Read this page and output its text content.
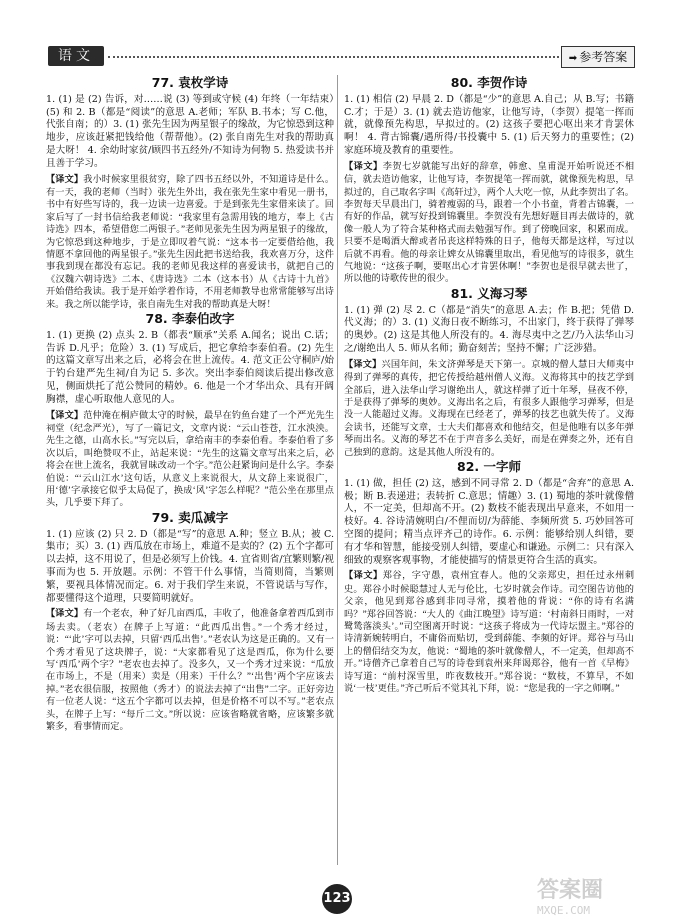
语文	➡ 参考答案
77. 袁枚学诗

1. (1) 是 (2) 告诉，对……说 (3) 等到或守候 (4) 年终（一年结束）(5) 和 2. B（都是“阅读”的意思 A.老师；军队 B.书本；写 C.他，代张自南；的）3. (1) 张先生因为两星银子的缘故，为它惊恐到这种地步，应该赶紧把钱给他（帮帮他）。(2) 张自南先生对我的帮助真是大呀！ 4. 余幼时家贫/顾四书五经外/不知诗为何物 5. 热爱读书并且善于学习。

【译文】我小时候家里很贫穷，除了四书五经以外，不知道诗是什么。有一天，我的老师（当时）张先生外出，我在张先生家中看见一册书，书中有好些写诗的，我一边读一边喜爱。于是到张先生家借来读了。回家后写了一封书信给我老师说：“我家里有急需用钱的地方，奉上《古诗选》四本，希望借您二两银子。”老师见张先生因为两星银子的缘故，为它惊恐到这种地步，于是立即叹着气说：“这本书一定要借给他，我情愿不拿回他的两星银子。”张先生因此把书送给我，我欢喜万分，这件事我到现在都没有忘记。我的老师见我这样的喜爱读书，就把自己的《汉魏六朝诗选》二本、《唐诗选》二本（这本书）从《古诗十九首》开始借给我读。我于是开始学着作诗，不用老师教导也常常能够写出诗来。我之所以能学诗，张自南先生对我的帮助真是大呀！

78. 李泰伯改字

1. (1) 更换 (2) 点头 2. B（都表“顺承”关系 A.闻名；说出 C.话；告诉 D.凡乎；危险）3. (1) 写成后，把它拿给李泰伯看。(2) 先生的这篇文章写出来之后，必将会在世上流传。4. 范文正公守桐庐/始于钓台建严先生祠/自为记 5. 多次。突出李泰伯阅读后提出修改意见，侧面烘托了范公赞同的精妙。6. 他是一个才华出众、具有开阔胸襟，虚心听取他人意见的人。

【译文】范仲淹在桐庐做太守的时候，最早在钓鱼台建了一个严光先生祠堂（纪念严光），写了一篇记文，文章内说：“云山苍苍，江水泱泱。先生之德，山高水长。”写完以后，拿给南丰的李泰伯看。李泰伯看了多次以后，叫绝赞叹不止，站起来说：“先生的这篇文章写出来之后，必将会在世上流名，我就冒昧改动一个字。”范公赶紧询问是什么字。李泰伯说：“‘云山江水’这句话，从意义上来说很大，从文辞上来说很广，用‘德’字承接它似乎太局促了，换成‘风’字怎么样呢？”范公坐在那里点头，几乎要下拜了。

79. 卖瓜减字

1. (1) 应该 (2) 只 2. D（都是“写”的意思 A.种；竖立 B.从；被 C.集市；买）3. (1) 西瓜放在市场上，难道不是卖的？(2) 五个字都可以去掉，这不用说了，但是必须写上价钱。4. 宜省则省/宜繁则繁/视事而为也 5. 开放题。示例：不管干什么事情，当简则简，当繁则繁，要视具体情况而定。6. 对于我们学生来说，不管说话与写作，都要懂得这个道理，只要简明就好。

【译文】有一个老农，种了好几亩西瓜，丰收了，他准备拿着西瓜到市场去卖。（老农）在牌子上写道：“此西瓜出售。”一个秀才经过，说：“‘此’字可以去掉，只留‘西瓜出售’。”老农认为这是正确的。又有一个秀才看见了这块牌子，说：“大家都看见了这是西瓜，你为什么要写‘西瓜’两个字？”老农也去掉了。没多久，又一个秀才过来说：“瓜放在市场上，不是（用来）卖是（用来）干什么？”‘出售’两个字应该去掉。”老农很信服，按照他（秀才）的说法去掉了“出售”二字。正好旁边有一位老人说：“这五个字都可以去掉，但是价格不可以不写。”老农点头，在牌子上写：“每斤二文。”所以说：应该省略就省略，应该繁多就繁多，看事情而定。

80. 李贺作诗

1. (1) 相信 (2) 早晨 2. D（都是“少”的意思 A.自己；从 B.写；书籍 C.才；于是）3. (1) 就去造访他家，让他写诗，（李贺）提笔一挥而就，就像预先构思，早拟过的。(2) 这孩子要把心呕出来才肯罢休啊！ 4. 背古锦囊/遇所得/书投囊中 5. (1) 后天努力的重要性；(2) 家庭环境及教育的重要性。

【译文】李贺七岁就能写出好的辞章，韩愈、皇甫湜开始听说还不相信，就去造访他家，让他写诗，李贺提笔一挥而就，就像预先构思，早拟过的，自己取名字叫《高轩过》，两个人大吃一惊，从此李贺出了名。李贺每天早晨出门，骑着瘦弱的马，跟着一个小书童，背着古锦囊，一有好的作品，就写好投到锦囊里。李贺没有先想好题目再去做诗的，就像一般人为了符合某种格式而去勉强写作。到了傍晚回家，积累而成。只要不是喝酒大醉或者吊丧这样特殊的日子，他每天都是这样，写过以后就不再看。他的母亲让婢女从锦囊里取出，看见他写的诗很多，就生气地说：“这孩子啊，要呕出心才肯罢休啊！”李贺也是很早就去世了，所以他的诗歌传世的很少。

81. 义海习琴

1. (1) 弹 (2) 尽 2. C（都是“消失”的意思 A.去；作 B.把；凭借 D.代义海；的）3. (1) 义海日夜不断练习，不出家门，终于获得了弹琴的奥妙。(2) 这是其他人所没有的。4. 海尽夷中之艺/乃入法华山习之/谢绝出人 5. 师从名师；勤奋刻苦；坚持不懈；广泛涉猎。

【译文】兴国年间，朱文济弹琴是天下第一。京城的僧人慧日大师夷中得到了弹琴的真传，把它传授给越州僧人义海。义海将其中的技艺学到全部后，进入法华山学习谢绝出人，就这样弹了近十年琴，昼夜不停，于是获得了弹琴的奥妙。义海出名之后，有很多人跟他学习弹琴，但是没一人能超过义海。义海现在已经老了，弹琴的技艺也就失传了。义海会读书，还能写文章，士大夫们都喜欢和他结交，但是他唯有以多年弹琴而出名。义海的琴艺不在于声音多么美好，而是在弹奏之外，还有自己独到的意韵。这是其他人所没有的。

82. 一字师

1. (1) 做，担任 (2) 这，感到不同寻常 2. D（都是“舍弃”的意思 A.极；断 B.表递进；表转折 C.意思；情趣）3. (1) 蜀地的茶叶就像僧人，不一定美，但却高不开。(2) 数枝不能表现出早意来，不如用一枝好。4. 谷诗清婉明白/不俚而切/为薛能、李频所赏 5. 巧妙回答可空图的提问；精当点评齐己的诗作。6. 示例：能够给别人纠错，要有才华和智慧，能接受别人纠错，要虚心和谦逊。示例二：只有深入细致的观察客观事物，才能使描写的情景更符合生活的真实。

【译文】郑谷，字守愚，袁州宜春人。他的父亲郑史，担任过永州刺史。郑谷小时候聪慧过人无与伦比，七岁时就会作诗。司空图告访他的父亲，他见到郑谷感到非同寻常，摸着他的背说：“你的诗有名满吗？”郑谷回答说：“大人的《曲江晚望》诗写道：‘村南斜日雨时，一对鹭鸶落淡头’。”司空图离开时说：“这孩子将成为一代诗坛盟主。”郑谷的诗清新婉转明白，不庸俗而贴切，受到薛能、李频的好评。郑谷与马山上的僧侣结交为友，他说：“蜀地的茶叶就像僧人，不一定美，但却高不开。”诗僧齐己拿着自己写的诗卷到袁州来拜谒郑谷，他有一首《早梅》诗写道：“前村深雪里，昨夜数枝开。”郑谷说：“数枝，不算早，不如说‘一枝’更佳。”齐己听后不觉其礼下拜，说：“您是我的一字之师啊。”

123	答案圈
MXQE.COM
